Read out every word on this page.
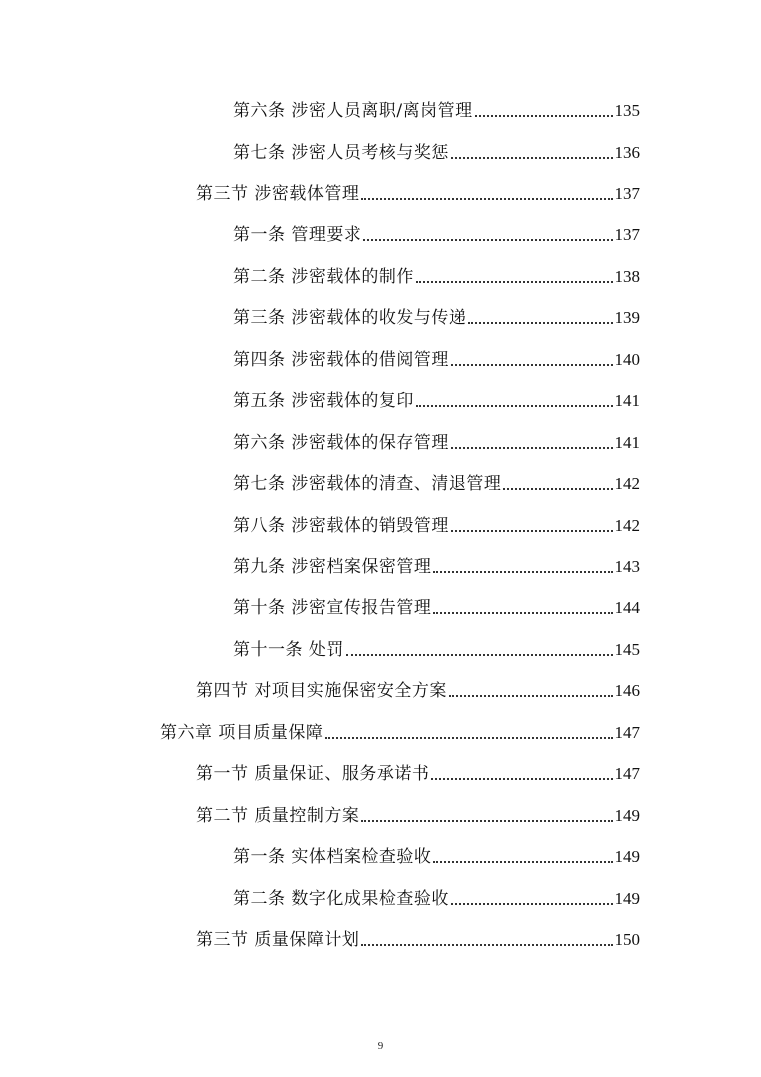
第六条 涉密人员离职/离岗管理	135
第七条 涉密人员考核与奖惩	136
第三节 涉密载体管理	137
第一条 管理要求	137
第二条 涉密载体的制作	138
第三条 涉密载体的收发与传递	139
第四条 涉密载体的借阅管理	140
第五条 涉密载体的复印	141
第六条 涉密载体的保存管理	141
第七条 涉密载体的清查、清退管理	142
第八条 涉密载体的销毁管理	142
第九条 涉密档案保密管理	143
第十条 涉密宣传报告管理	144
第十一条 处罚	145
第四节 对项目实施保密安全方案	146
第六章 项目质量保障	147
第一节 质量保证、服务承诺书	147
第二节 质量控制方案	149
第一条 实体档案检查验收	149
第二条 数字化成果检查验收	149
第三节 质量保障计划	150
9
